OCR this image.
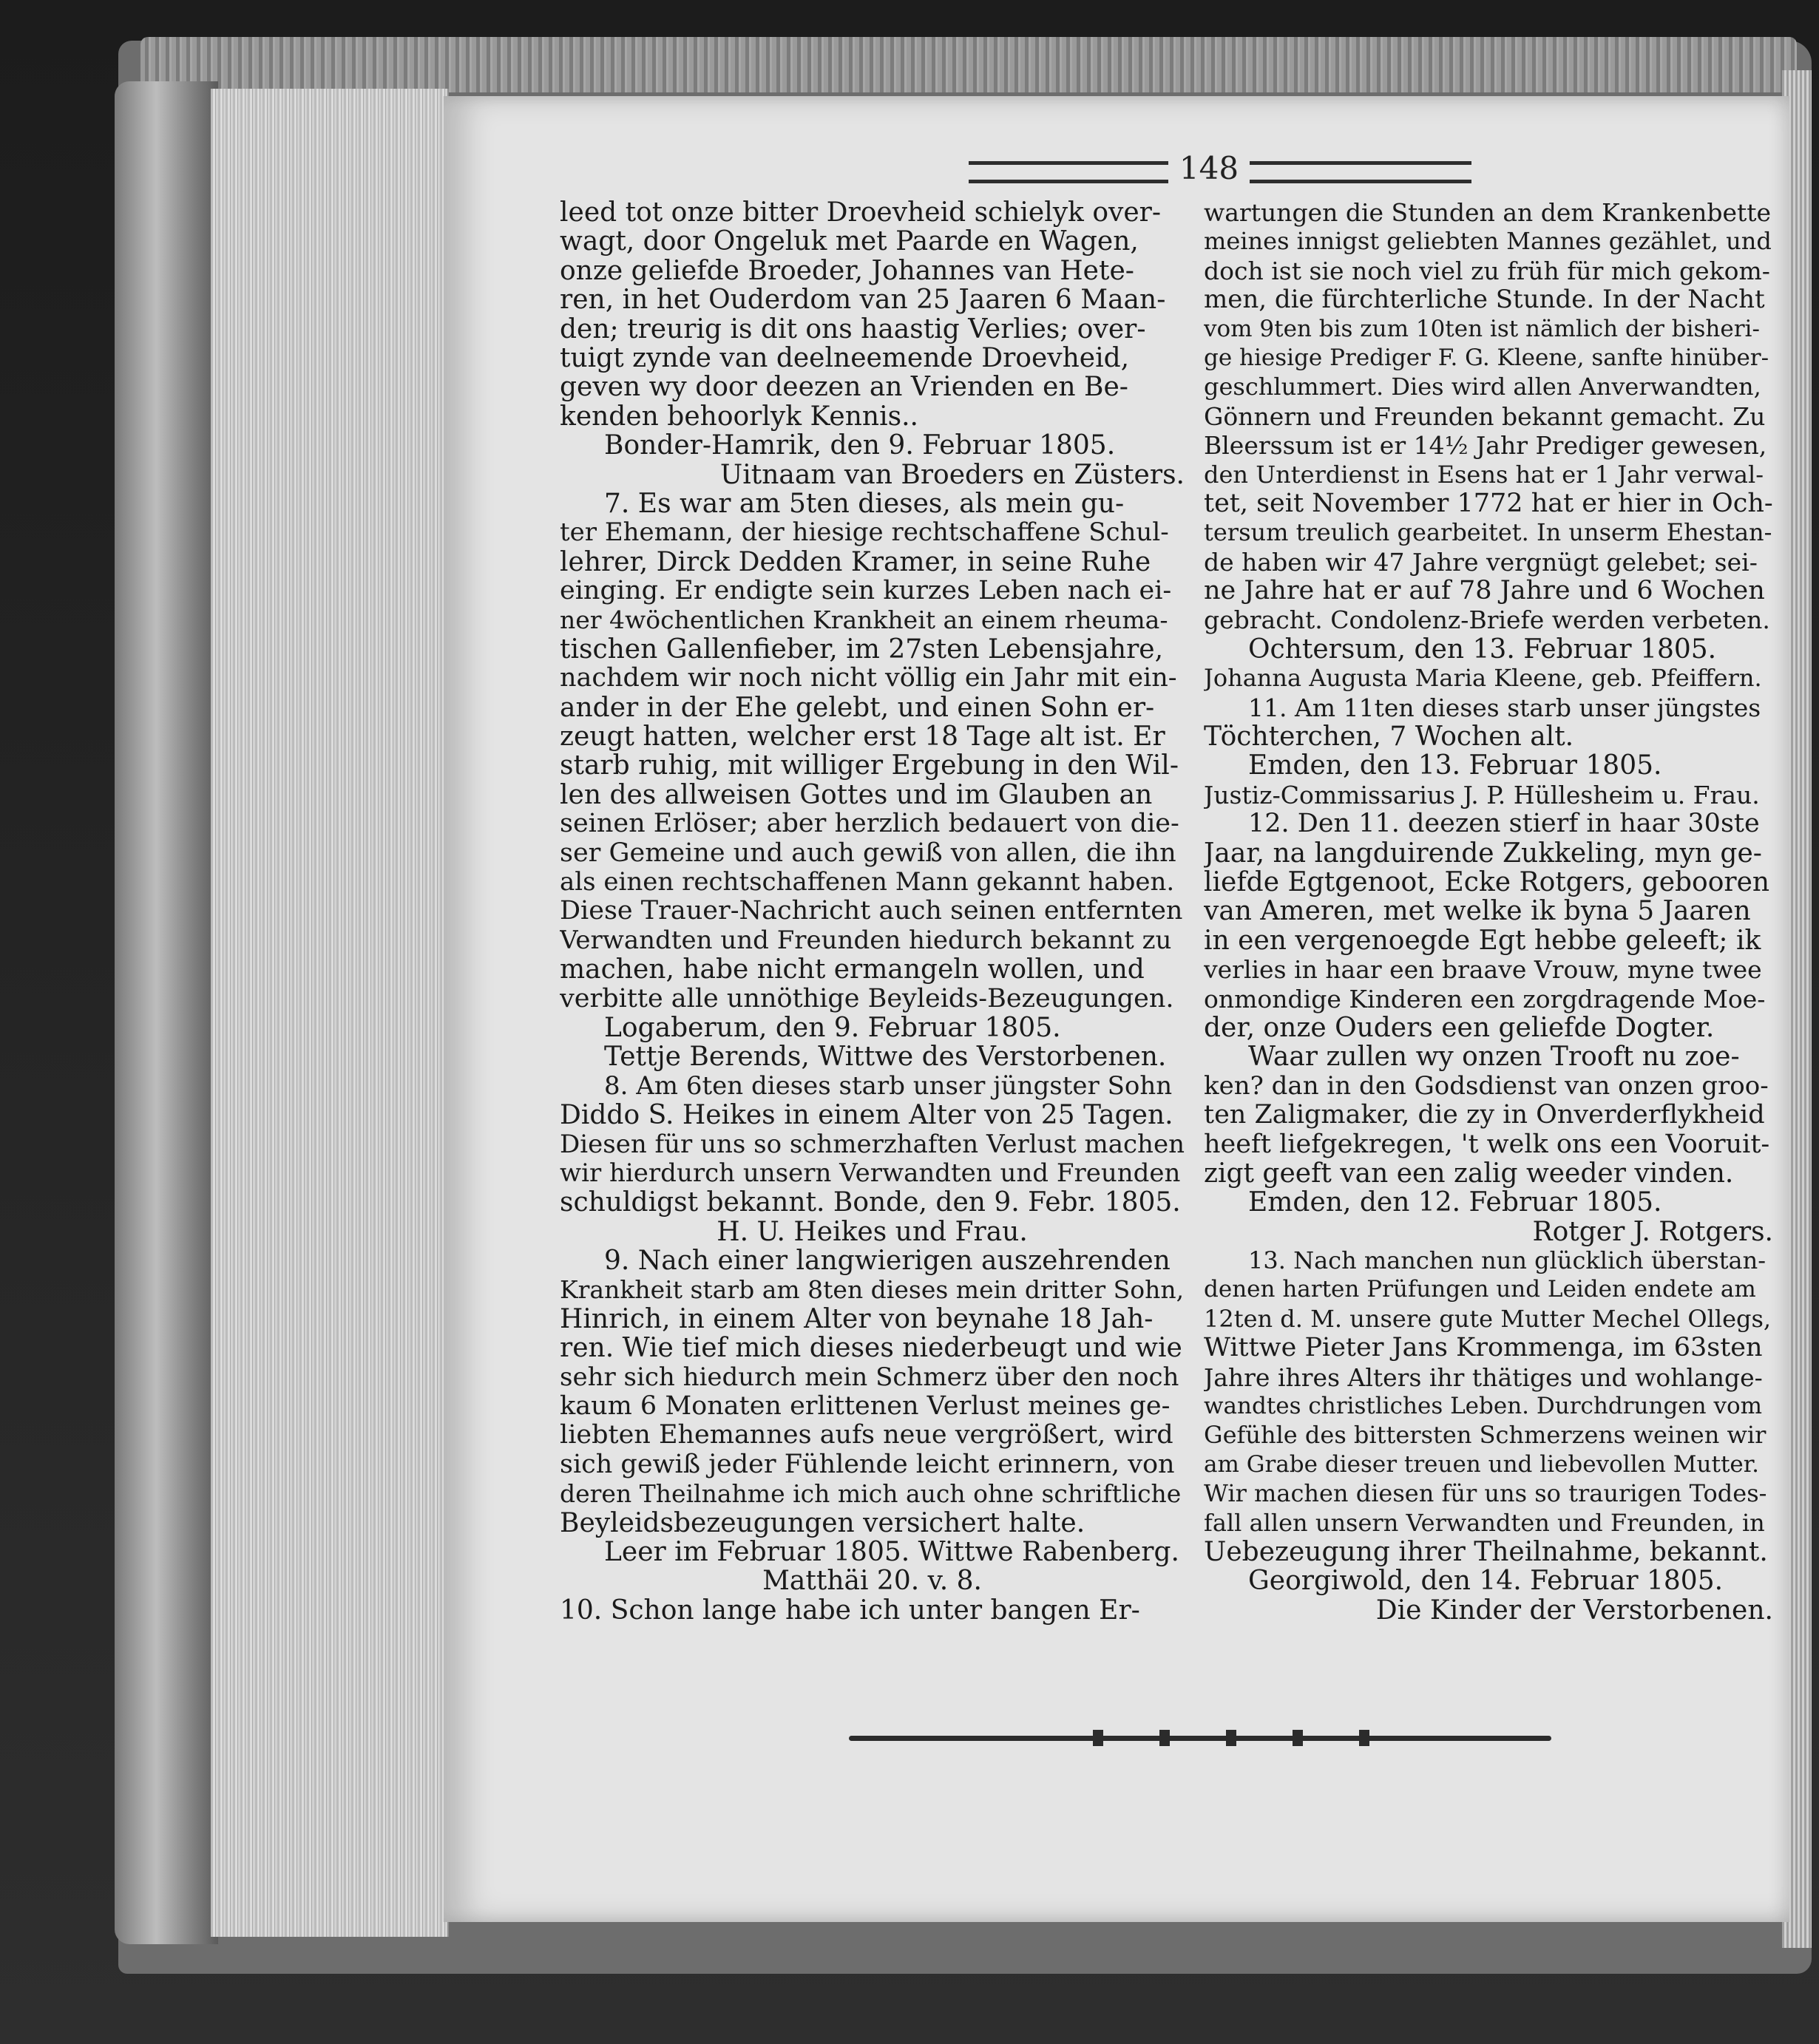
148
leed tot onze bitter Droevheid schielyk over-
wagt, door Ongeluk met Paarde en Wagen,
onze geliefde Broeder, Johannes van Hete-
ren, in het Ouderdom van 25 Jaaren 6 Maan-
den; treurig is dit ons haastig Verlies; over-
tuigt zynde van deelneemende Droevheid,
geven wy door deezen an Vrienden en Be-
kenden behoorlyk Kennis..
Bonder-Hamrik, den 9. Februar 1805.
Uitnaam van Broeders en Züsters.
7. Es war am 5ten dieses, als mein gu-
ter Ehemann, der hiesige rechtschaffene Schul-
lehrer, Dirck Dedden Kramer, in seine Ruhe
einging. Er endigte sein kurzes Leben nach ei-
ner 4wöchentlichen Krankheit an einem rheuma-
tischen Gallenfieber, im 27sten Lebensjahre,
nachdem wir noch nicht völlig ein Jahr mit ein-
ander in der Ehe gelebt, und einen Sohn er-
zeugt hatten, welcher erst 18 Tage alt ist. Er
starb ruhig, mit williger Ergebung in den Wil-
len des allweisen Gottes und im Glauben an
seinen Erlöser; aber herzlich bedauert von die-
ser Gemeine und auch gewiß von allen, die ihn
als einen rechtschaffenen Mann gekannt haben.
Diese Trauer-Nachricht auch seinen entfernten
Verwandten und Freunden hiedurch bekannt zu
machen, habe nicht ermangeln wollen, und
verbitte alle unnöthige Beyleids-Bezeugungen.
Logaberum, den 9. Februar 1805.
Tettje Berends, Wittwe des Verstorbenen.
8. Am 6ten dieses starb unser jüngster Sohn
Diddo S. Heikes in einem Alter von 25 Tagen.
Diesen für uns so schmerzhaften Verlust machen
wir hierdurch unsern Verwandten und Freunden
schuldigst bekannt. Bonde, den 9. Febr. 1805.
H. U. Heikes und Frau.
9. Nach einer langwierigen auszehrenden
Krankheit starb am 8ten dieses mein dritter Sohn,
Hinrich, in einem Alter von beynahe 18 Jah-
ren. Wie tief mich dieses niederbeugt und wie
sehr sich hiedurch mein Schmerz über den noch
kaum 6 Monaten erlittenen Verlust meines ge-
liebten Ehemannes aufs neue vergrößert, wird
sich gewiß jeder Fühlende leicht erinnern, von
deren Theilnahme ich mich auch ohne schriftliche
Beyleidsbezeugungen versichert halte.
Leer im Februar 1805. Wittwe Rabenberg.
Matthäi 20. v. 8.
10. Schon lange habe ich unter bangen Er-
wartungen die Stunden an dem Krankenbette
meines innigst geliebten Mannes gezählet, und
doch ist sie noch viel zu früh für mich gekom-
men, die fürchterliche Stunde. In der Nacht
vom 9ten bis zum 10ten ist nämlich der bisheri-
ge hiesige Prediger F. G. Kleene, sanfte hinüber-
geschlummert. Dies wird allen Anverwandten,
Gönnern und Freunden bekannt gemacht. Zu
Bleerssum ist er 14½ Jahr Prediger gewesen,
den Unterdienst in Esens hat er 1 Jahr verwal-
tet, seit November 1772 hat er hier in Och-
tersum treulich gearbeitet. In unserm Ehestan-
de haben wir 47 Jahre vergnügt gelebet; sei-
ne Jahre hat er auf 78 Jahre und 6 Wochen
gebracht. Condolenz-Briefe werden verbeten.
Ochtersum, den 13. Februar 1805.
Johanna Augusta Maria Kleene, geb. Pfeiffern.
11. Am 11ten dieses starb unser jüngstes
Töchterchen, 7 Wochen alt.
Emden, den 13. Februar 1805.
Justiz-Commissarius J. P. Hüllesheim u. Frau.
12. Den 11. deezen stierf in haar 30ste
Jaar, na langduirende Zukkeling, myn ge-
liefde Egtgenoot, Ecke Rotgers, gebooren
van Ameren, met welke ik byna 5 Jaaren
in een vergenoegde Egt hebbe geleeft; ik
verlies in haar een braave Vrouw, myne twee
onmondige Kinderen een zorgdragende Moe-
der, onze Ouders een geliefde Dogter.
Waar zullen wy onzen Trooft nu zoe-
ken? dan in den Godsdienst van onzen groo-
ten Zaligmaker, die zy in Onverderflykheid
heeft liefgekregen, 't welk ons een Vooruit-
zigt geeft van een zalig weeder vinden.
Emden, den 12. Februar 1805.
Rotger J. Rotgers.
13. Nach manchen nun glücklich überstan-
denen harten Prüfungen und Leiden endete am
12ten d. M. unsere gute Mutter Mechel Ollegs,
Wittwe Pieter Jans Krommenga, im 63sten
Jahre ihres Alters ihr thätiges und wohlange-
wandtes christliches Leben. Durchdrungen vom
Gefühle des bittersten Schmerzens weinen wir
am Grabe dieser treuen und liebevollen Mutter.
Wir machen diesen für uns so traurigen Todes-
fall allen unsern Verwandten und Freunden, in
Uebezeugung ihrer Theilnahme, bekannt.
Georgiwold, den 14. Februar 1805.
Die Kinder der Verstorbenen.
